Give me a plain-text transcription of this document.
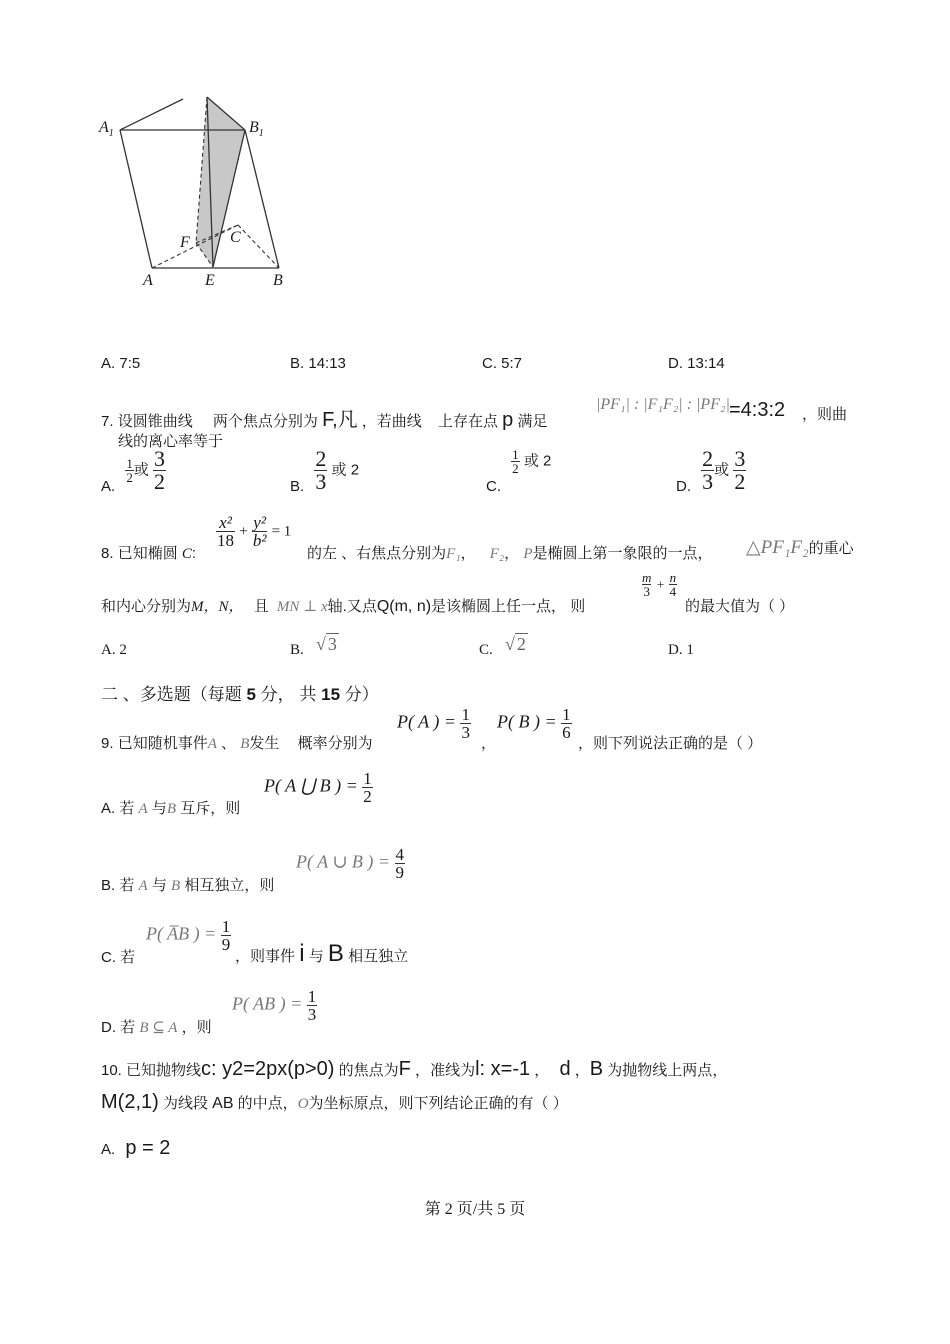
$A_1$	$B_1$
F	C
A	E	B
A. 7:5	B. 14:13	C. 5:7	D. 13:14
7. 设圆锥曲线 两个焦点分别为 F,凡 ，若曲线 上存在点 p 满足
|PF₁| : |F₁F₂| : |PF₂| =4:3:2 ，则曲
线的离心率等于
A.
$\frac{1}{2}$ 或 $\frac{3}{2}$	B. $\frac{2}{3}$ 或 2
C.
$\frac{1}{2}$ 或 2
D. $\frac{2}{3}$ 或 $\frac{3}{2}$
8. 已知椭圆 C:
$\frac{\text{x²}}{18} + \frac{\text{y²}}{\text{b²}} = 1$
的左 、右焦点分别为F₁， F₂， P是椭圆上第一象限的一点， △PF₁F₂的重心
和内心分别为M，N， 且 MN ⊥ x轴.又点Q(m, n)是该椭圆上任一点， 则
$\frac{m}{3} + \frac{n}{4}$
的最大值为（ ）
A. 2	B. √ 3	C. √ 2	D. 1
二 、多选题（每题 5 分， 共 15 分）
9. 已知随机事件A 、 B发生 概率分别为
P( A ) = $\frac{1}{3}$
，
P( B ) = $\frac{1}{6}$
，则下列说法正确的是（ ）
A. 若 A 与B 互斥，则
P( A ⋃ B ) = $\frac{1}{2}$
B. 若 A 与 B 相互独立，则
P( A ∪ B ) = $\frac{4}{9}$
C. 若
P( A̅B ) = $\frac{1}{9}$
，则事件 i 与 B 相互独立
D. 若 B ⊆ A ，则
P( AB ) = $\frac{1}{3}$
10. 已知抛物线c: y2=2px(p>0) 的焦点为F ，准线为l: x=-1 ， d ，B 为抛物线上两点，
M(2,1) 为线段 AB 的中点，O为坐标原点，则下列结论正确的有（ ）
A. p = 2
第 2 页/共 5 页
